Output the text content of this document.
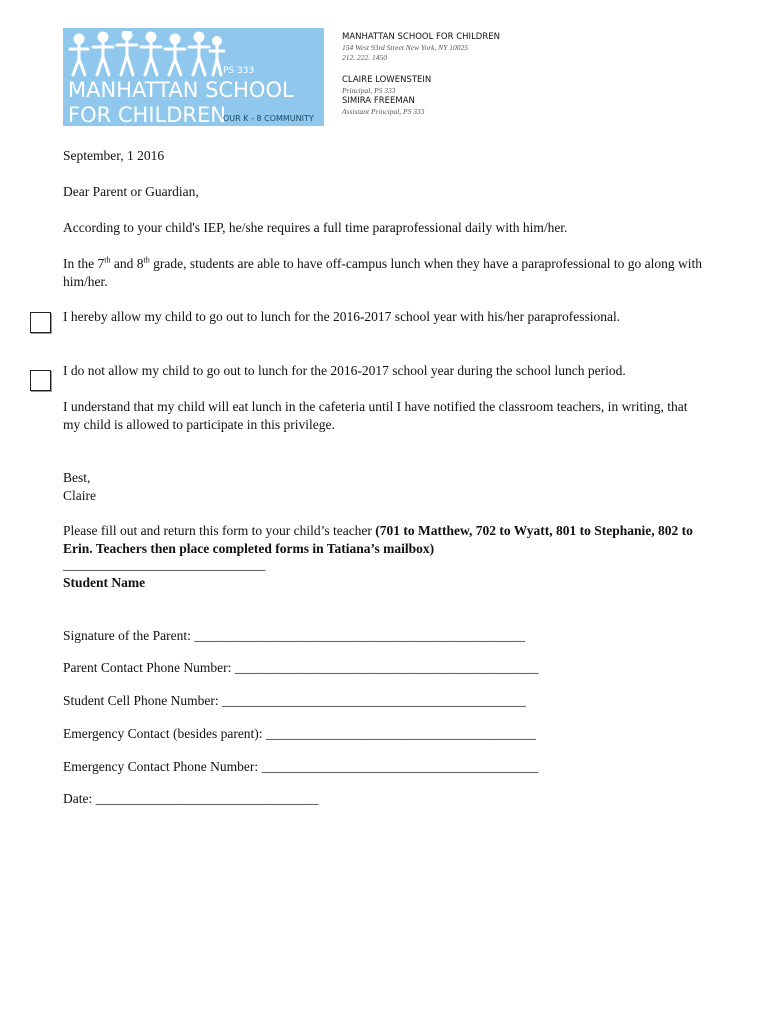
PS 333
MANHATTAN SCHOOL
FOR CHILDREN
OUR K - 8 COMMUNITY
MANHATTAN SCHOOL FOR CHILDREN
154 West 93rd Street New York, NY 10025
212. 222. 1450
CLAIRE LOWENSTEIN
Principal, PS 333
SIMIRA FREEMAN
Assistant Principal, PS 333
September, 1 2016
Dear Parent or Guardian,
According to your child's IEP, he/she requires a full time paraprofessional daily with him/her.
In the 7th and 8th grade, students are able to have off-campus lunch when they have a paraprofessional to go along with him/her.
I hereby allow my child to go out to lunch for the 2016-2017 school year with his/her paraprofessional.
I do not allow my child to go out to lunch for the 2016-2017 school year during the school lunch period.
I understand that my child will eat lunch in the cafeteria until I have notified the classroom teachers, in writing, that my child is allowed to participate in this privilege.
Best,
Claire
Please fill out and return this form to your child’s teacher (701 to Matthew, 702 to Wyatt, 801 to Stephanie, 802 to Erin. Teachers then place completed forms in Tatiana’s mailbox)
______________________________
Student Name
Signature of the Parent: _________________________________________________
Parent Contact Phone Number: _____________________________________________
Student Cell Phone Number: _____________________________________________
Emergency Contact (besides parent): ________________________________________
Emergency Contact Phone Number: _________________________________________
Date: _________________________________
